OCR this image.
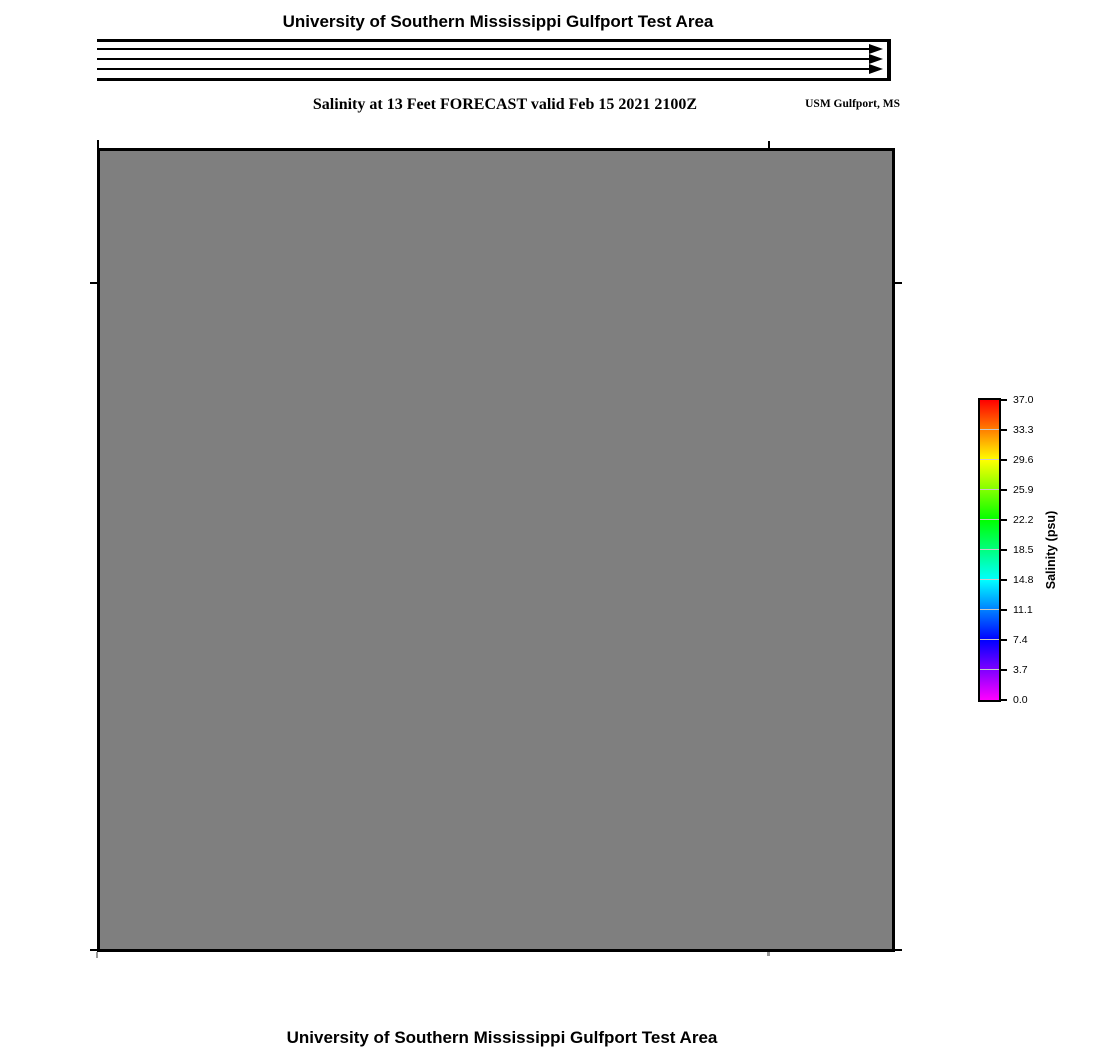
University of Southern Mississippi Gulfport Test Area
Salinity at 13 Feet FORECAST valid Feb 15 2021 2100Z	USM Gulfport, MS
37.0
33.3
29.6
25.9
22.2
18.5
14.8
11.1
7.4
3.7
0.0
Salinity (psu)
University of Southern Mississippi Gulfport Test Area
